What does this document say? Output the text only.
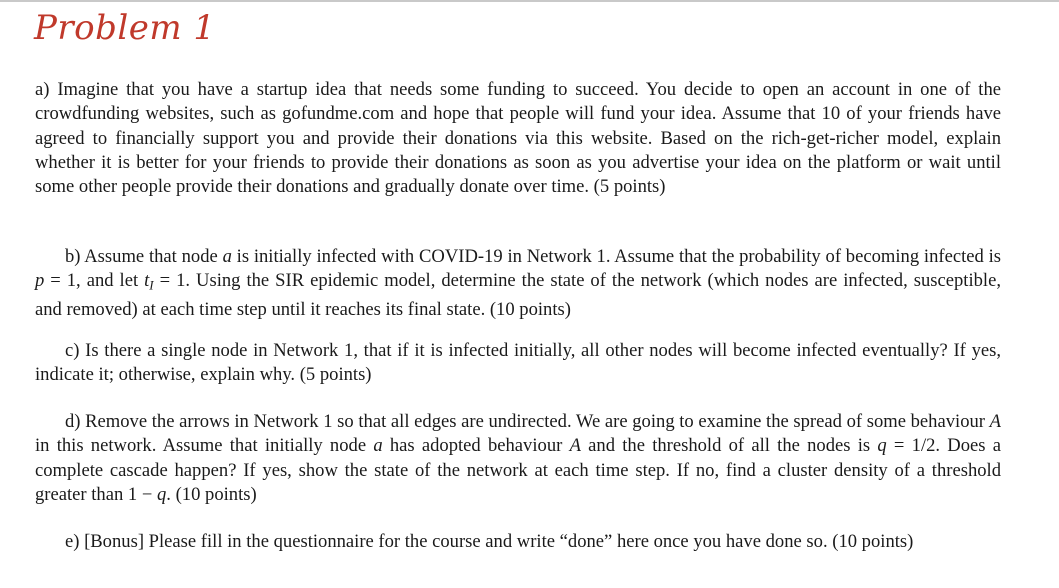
Problem 1

a) Imagine that you have a startup idea that needs some funding to succeed. You decide to open an account in one of the crowdfunding websites, such as gofundme.com and hope that people will fund your idea. Assume that 10 of your friends have agreed to financially support you and provide their donations via this website. Based on the rich-get-richer model, explain whether it is better for your friends to provide their donations as soon as you advertise your idea on the platform or wait until some other people provide their donations and gradually donate over time. (5 points)

b) Assume that node a is initially infected with COVID-19 in Network 1. Assume that the probability of becoming infected is p = 1, and let $t_I = 1$. Using the SIR epidemic model, determine the state of the network (which nodes are infected, susceptible, and removed) at each time step until it reaches its final state. (10 points)

c) Is there a single node in Network 1, that if it is infected initially, all other nodes will become infected eventually? If yes, indicate it; otherwise, explain why. (5 points)

d) Remove the arrows in Network 1 so that all edges are undirected. We are going to examine the spread of some behaviour A in this network. Assume that initially node a has adopted behaviour A and the threshold of all the nodes is q = 1/2. Does a complete cascade happen? If yes, show the state of the network at each time step. If no, find a cluster density of a threshold greater than 1 − q. (10 points)

e) [Bonus] Please fill in the questionnaire for the course and write “done” here once you have done so. (10 points)
